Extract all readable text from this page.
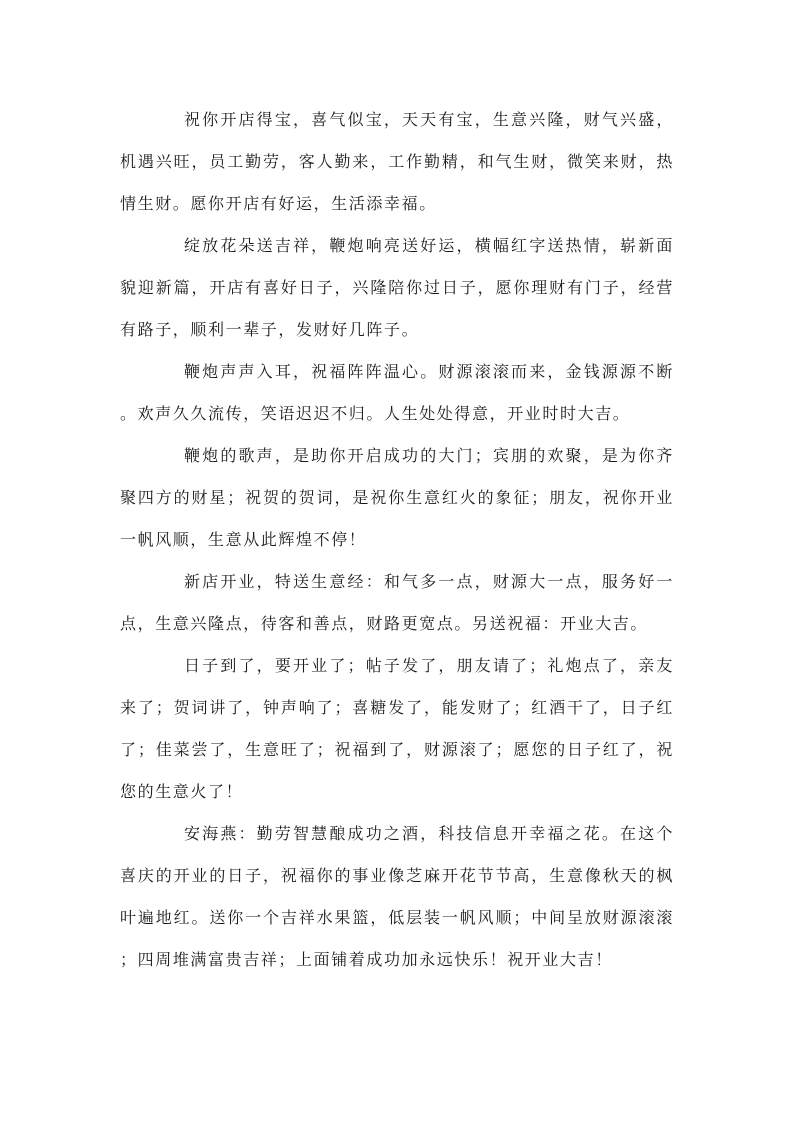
祝你开店得宝，喜气似宝，天天有宝，生意兴隆，财气兴盛，机遇兴旺，员工勤劳，客人勤来，工作勤精，和气生财，微笑来财，热情生财。愿你开店有好运，生活添幸福。

绽放花朵送吉祥，鞭炮响亮送好运，横幅红字送热情，崭新面貌迎新篇，开店有喜好日子，兴隆陪你过日子，愿你理财有门子，经营有路子，顺利一辈子，发财好几阵子。

鞭炮声声入耳，祝福阵阵温心。财源滚滚而来，金钱源源不断。欢声久久流传，笑语迟迟不归。人生处处得意，开业时时大吉。

鞭炮的歌声，是助你开启成功的大门；宾朋的欢聚，是为你齐聚四方的财星；祝贺的贺词，是祝你生意红火的象征；朋友，祝你开业一帆风顺，生意从此辉煌不停！

新店开业，特送生意经：和气多一点，财源大一点，服务好一点，生意兴隆点，待客和善点，财路更宽点。另送祝福：开业大吉。

日子到了，要开业了；帖子发了，朋友请了；礼炮点了，亲友来了；贺词讲了，钟声响了；喜糖发了，能发财了；红酒干了，日子红了；佳菜尝了，生意旺了；祝福到了，财源滚了；愿您的日子红了，祝您的生意火了！

安海燕：勤劳智慧酿成功之酒，科技信息开幸福之花。在这个喜庆的开业的日子，祝福你的事业像芝麻开花节节高，生意像秋天的枫叶遍地红。送你一个吉祥水果篮，低层装一帆风顺；中间呈放财源滚滚；四周堆满富贵吉祥；上面铺着成功加永远快乐！祝开业大吉！
